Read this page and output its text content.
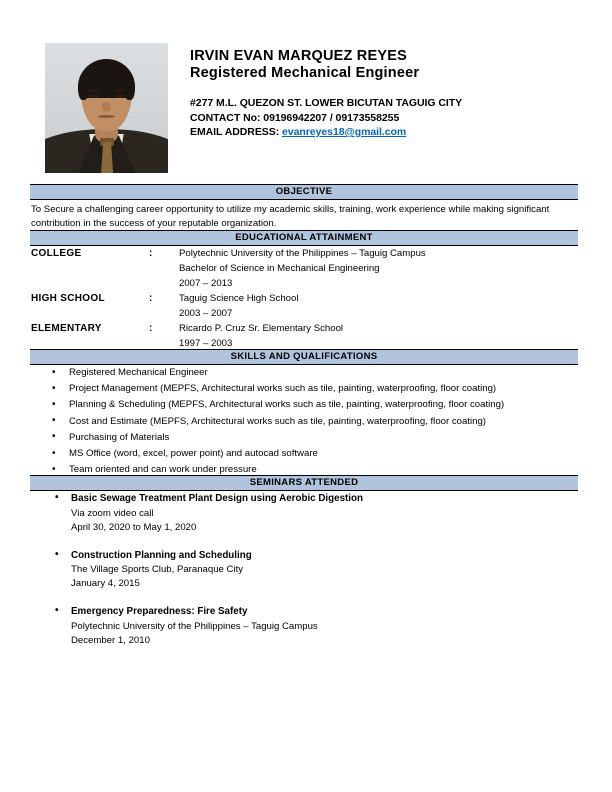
IRVIN EVAN MARQUEZ REYES
Registered Mechanical Engineer
#277 M.L. QUEZON ST. LOWER BICUTAN TAGUIG CITY
CONTACT No: 09196942207 / 09173558255
EMAIL ADDRESS: evanreyes18@gmail.com
OBJECTIVE
To Secure a challenging career opportunity to utilize my academic skills, training, work experience while making significant contribution in the success of your reputable organization.
EDUCATIONAL ATTAINMENT
COLLEGE	:	Polytechnic University of the Philippines – Taguig Campus
Bachelor of Science in Mechanical Engineering
2007 – 2013
HIGH SCHOOL	:	Taguig Science High School
2003 – 2007
ELEMENTARY	:	Ricardo P. Cruz Sr. Elementary School
1997 – 2003
SKILLS AND QUALIFICATIONS
• Registered Mechanical Engineer
• Project Management (MEPFS, Architectural works such as tile, painting, waterproofing, floor coating)
• Planning & Scheduling (MEPFS, Architectural works such as tile, painting, waterproofing, floor coating)
• Cost and Estimate (MEPFS, Architectural works such as tile, painting, waterproofing, floor coating)
• Purchasing of Materials
• MS Office (word, excel, power point) and autocad software
• Team oriented and can work under pressure
SEMINARS ATTENDED
• Basic Sewage Treatment Plant Design using Aerobic Digestion
Via zoom video call
April 30, 2020 to May 1, 2020
• Construction Planning and Scheduling
The Village Sports Club, Paranaque City
January 4, 2015
• Emergency Preparedness: Fire Safety
Polytechnic University of the Philippines – Taguig Campus
December 1, 2010
